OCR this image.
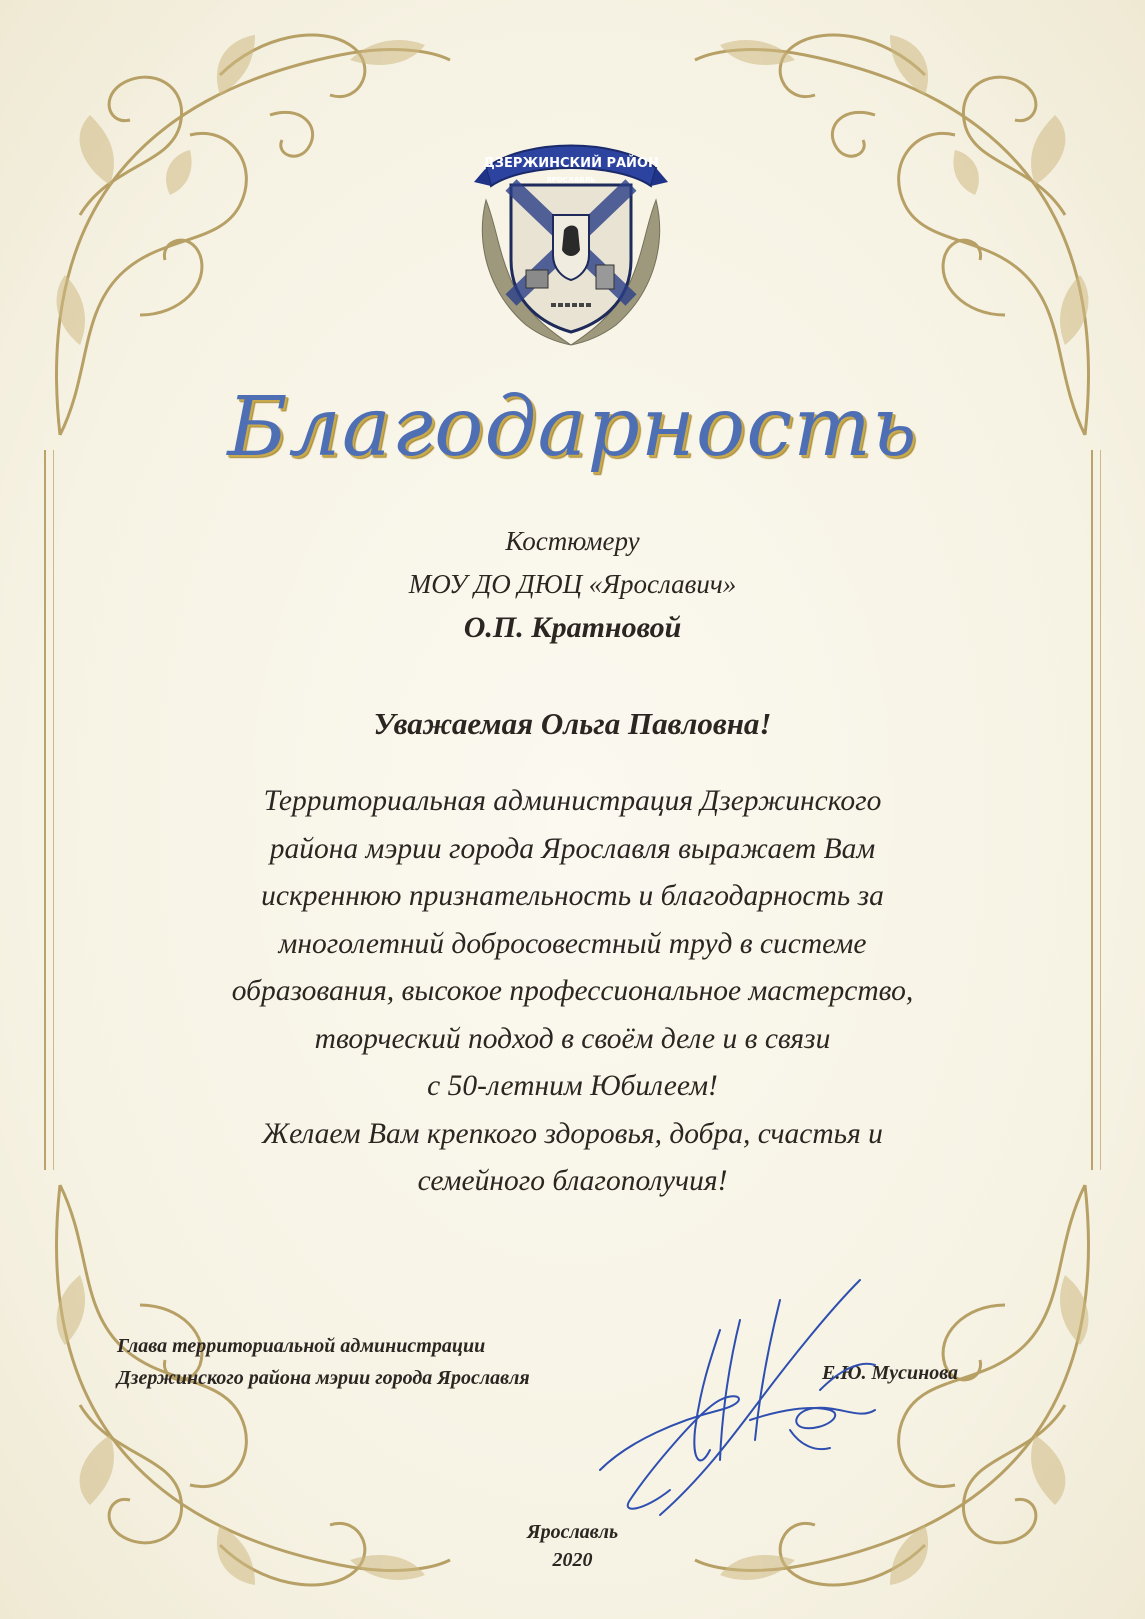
ДЗЕРЖИНСКИЙ РАЙОН
ЯРОСЛАВЛЬ
Благодарность
Костюмеру
МОУ ДО ДЮЦ «Ярославич»
О.П. Кратновой
Уважаемая Ольга Павловна!

Территориальная администрация Дзержинского

района мэрии города Ярославля выражает Вам

искреннюю признательность и благодарность за

многолетний добросовестный труд в системе

образования, высокое профессиональное мастерство,

творческий подход в своём деле и в связи

с 50-летним Юбилеем!

Желаем Вам крепкого здоровья, добра, счастья и

семейного благополучия!

Глава территориальной администрации
Дзержинского района мэрии города Ярославля	Е.Ю. Мусинова
Ярославль
2020
